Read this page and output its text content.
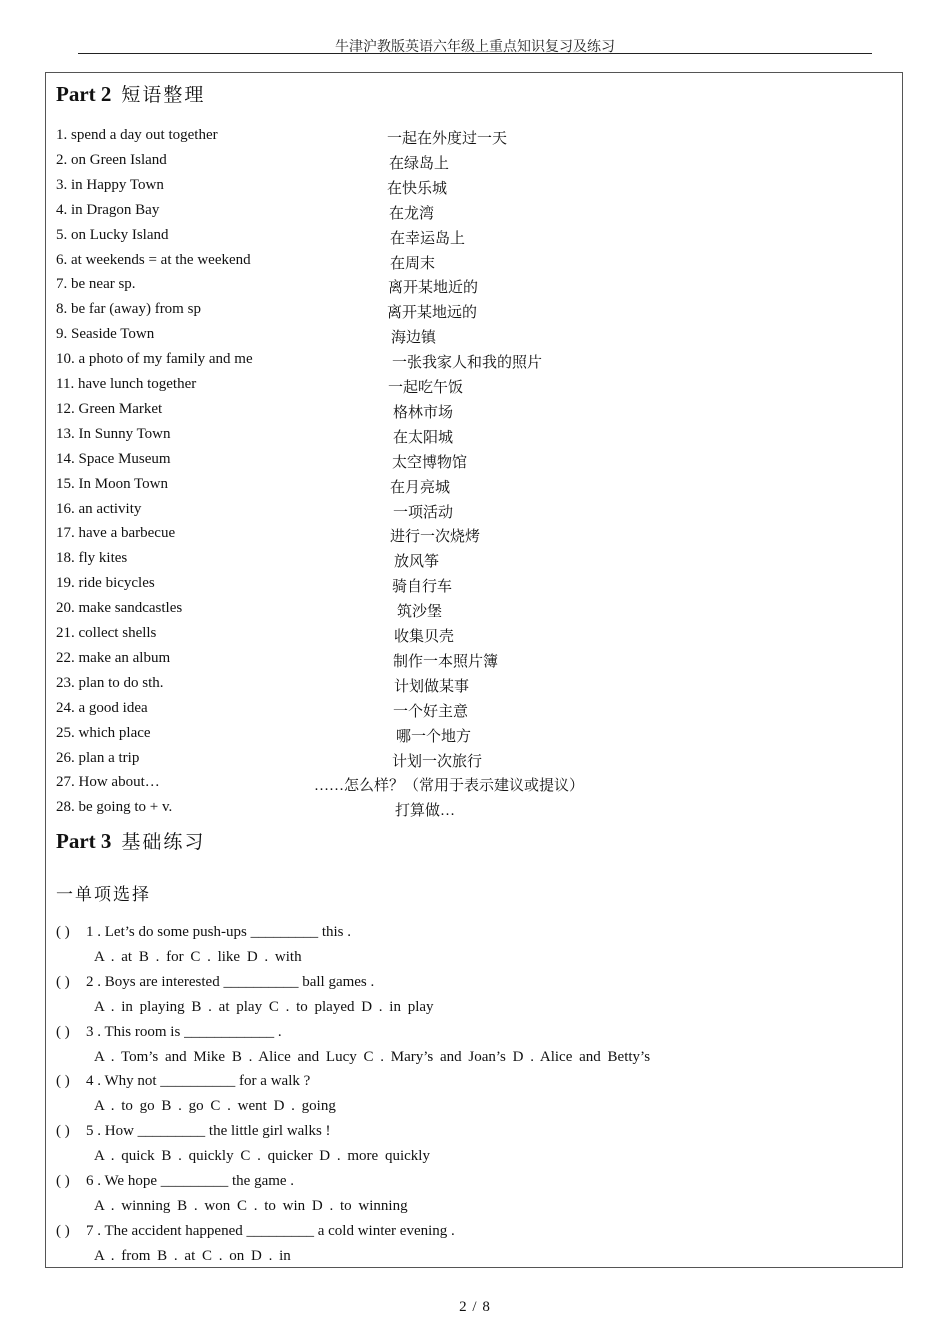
牛津沪教版英语六年级上重点知识复习及练习
Part 2 短语整理
1. spend a day out together	一起在外度过一天
2. on Green Island	在绿岛上
3. in Happy Town	在快乐城
4. in Dragon Bay	在龙湾
5. on Lucky Island	在幸运岛上
6. at weekends = at the weekend	在周末
7. be near sp.	离开某地近的
8. be far (away) from sp	离开某地远的
9. Seaside Town	海边镇
10. a photo of my family and me	一张我家人和我的照片
11. have lunch together	一起吃午饭
12. Green Market	格林市场
13. In Sunny Town	在太阳城
14. Space Museum	太空博物馆
15. In Moon Town	在月亮城
16. an activity	一项活动
17. have a barbecue	进行一次烧烤
18. fly kites	放风筝
19. ride bicycles	骑自行车
20. make sandcastles	筑沙堡
21. collect shells	收集贝壳
22. make an album	制作一本照片簿
23. plan to do sth.	计划做某事
24. a good idea	一个好主意
25. which place	哪一个地方
26. plan a trip	计划一次旅行
27. How about…	……怎么样？（常用于表示建议或提议）
28. be going to + v.	打算做…
Part 3 基础练习
一单项选择
( ) 1 . Let’s do some push-ups _________ this .
A . at B . for C . like D . with
( ) 2 . Boys are interested __________ ball games .
A . in playing B . at play C . to played D . in play
( ) 3 . This room is ____________ .
A . Tom’s and Mike B . Alice and Lucy C . Mary’s and Joan’s D . Alice and Betty’s
( ) 4 . Why not __________ for a walk ?
A . to go B . go C . went D . going
( ) 5 . How _________ the little girl walks !
A . quick B . quickly C . quicker D . more quickly
( ) 6 . We hope _________ the game .
A . winning B . won C . to win D . to winning
( ) 7 . The accident happened _________ a cold winter evening .
A . from B . at C . on D . in
2 / 8
